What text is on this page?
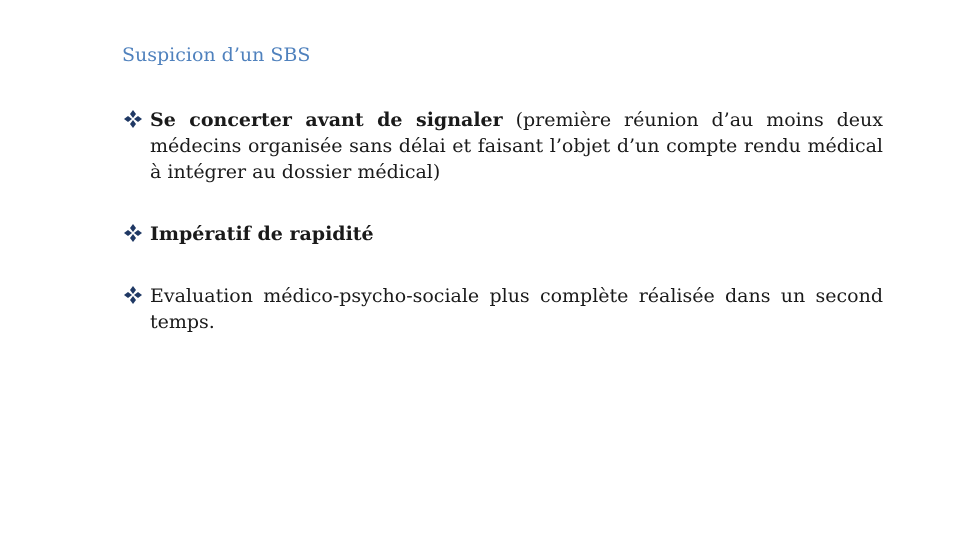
Suspicion d’un SBS
Se concerter avant de signaler (première réunion d’au moins deux médecins organisée sans délai et faisant l’objet d’un compte rendu médical à intégrer au dossier médical)
Impératif de rapidité
Evaluation médico-psycho-sociale plus complète réalisée dans un second temps.
